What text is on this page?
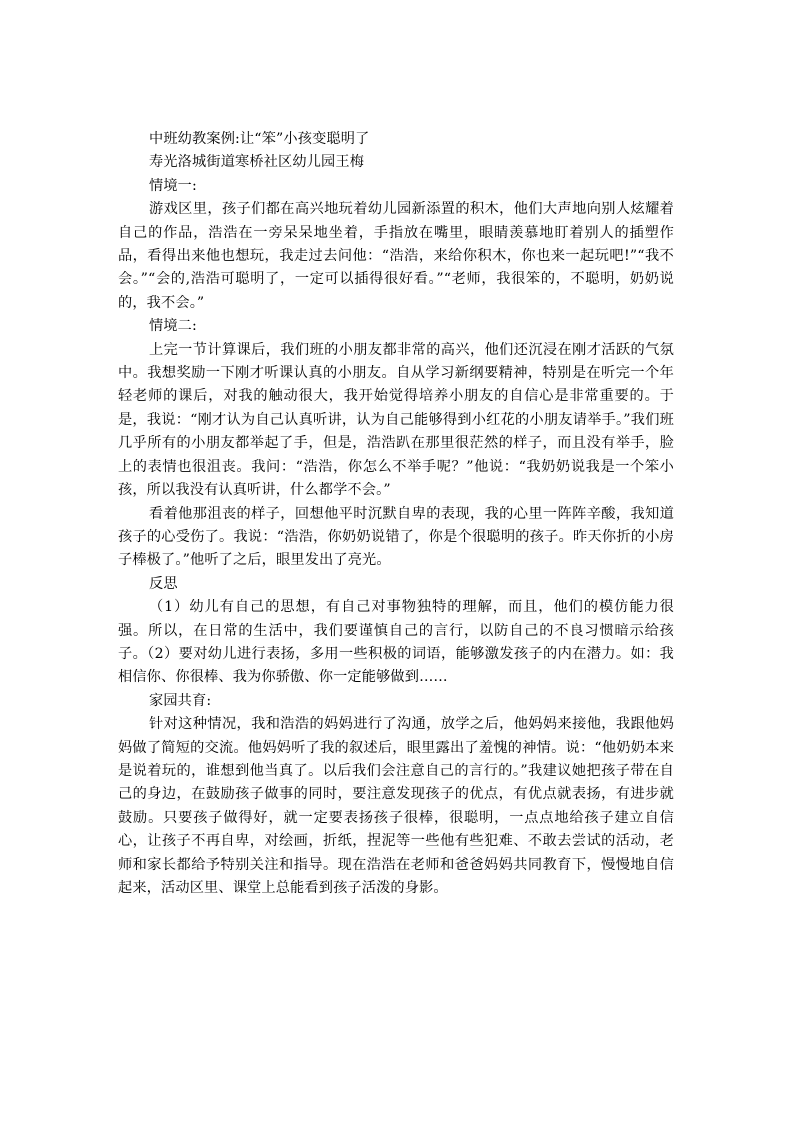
中班幼教案例:让“笨”小孩变聪明了

寿光洛城街道寒桥社区幼儿园王梅

情境一:

游戏区里，孩子们都在高兴地玩着幼儿园新添置的积木，他们大声地向别人炫耀着自己的作品，浩浩在一旁呆呆地坐着，手指放在嘴里，眼睛羡慕地盯着别人的插塑作品，看得出来他也想玩，我走过去问他：“浩浩，来给你积木，你也来一起玩吧!”“我不会。”“会的,浩浩可聪明了，一定可以插得很好看。”“老师，我很笨的，不聪明，奶奶说的，我不会。”

情境二:

上完一节计算课后，我们班的小朋友都非常的高兴，他们还沉浸在刚才活跃的气氛中。我想奖励一下刚才听课认真的小朋友。自从学习新纲要精神，特别是在听完一个年轻老师的课后，对我的触动很大，我开始觉得培养小朋友的自信心是非常重要的。于是，我说：“刚才认为自己认真听讲，认为自己能够得到小红花的小朋友请举手。”我们班几乎所有的小朋友都举起了手，但是，浩浩趴在那里很茫然的样子，而且没有举手，脸上的表情也很沮丧。我问：“浩浩，你怎么不举手呢？”他说：“我奶奶说我是一个笨小孩，所以我没有认真听讲，什么都学不会。”

看着他那沮丧的样子，回想他平时沉默自卑的表现，我的心里一阵阵辛酸，我知道孩子的心受伤了。我说：“浩浩，你奶奶说错了，你是个很聪明的孩子。昨天你折的小房子棒极了。”他听了之后，眼里发出了亮光。

反思

（1）幼儿有自己的思想，有自己对事物独特的理解，而且，他们的模仿能力很强。所以，在日常的生活中，我们要谨慎自己的言行，以防自己的不良习惯暗示给孩子。（2）要对幼儿进行表扬，多用一些积极的词语，能够激发孩子的内在潜力。如：我相信你、你很棒、我为你骄傲、你一定能够做到……

家园共育:

针对这种情况，我和浩浩的妈妈进行了沟通，放学之后，他妈妈来接他，我跟他妈妈做了简短的交流。他妈妈听了我的叙述后，眼里露出了羞愧的神情。说：“他奶奶本来是说着玩的，谁想到他当真了。以后我们会注意自己的言行的。”我建议她把孩子带在自己的身边，在鼓励孩子做事的同时，要注意发现孩子的优点，有优点就表扬，有进步就鼓励。只要孩子做得好，就一定要表扬孩子很棒，很聪明，一点点地给孩子建立自信心，让孩子不再自卑，对绘画，折纸，捏泥等一些他有些犯难、不敢去尝试的活动，老师和家长都给予特别关注和指导。现在浩浩在老师和爸爸妈妈共同教育下，慢慢地自信起来，活动区里、课堂上总能看到孩子活泼的身影。
